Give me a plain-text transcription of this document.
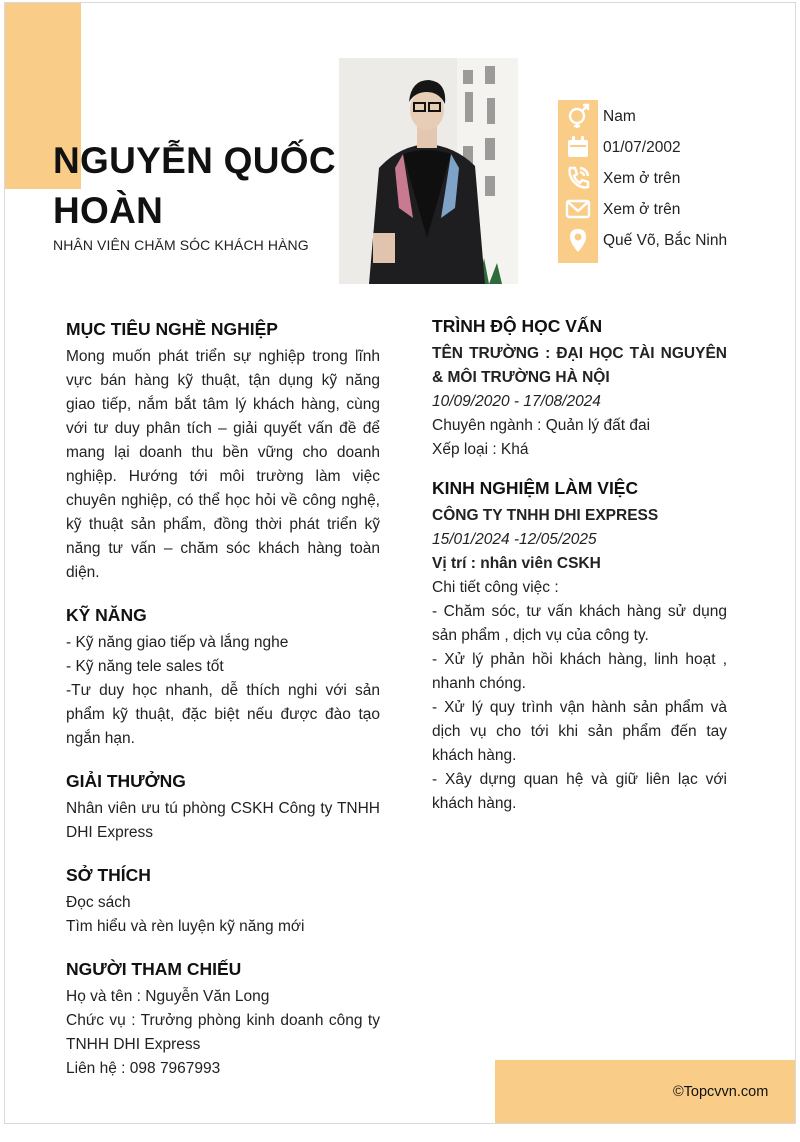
NGUYỄN QUỐC
HOÀN
NHÂN VIÊN CHĂM SÓC KHÁCH HÀNG
Nam
01/07/2002
Xem ở trên
Xem ở trên
Quế Võ, Bắc Ninh
MỤC TIÊU NGHỀ NGHIỆP
Mong muốn phát triển sự nghiệp trong lĩnh vực bán hàng kỹ thuật, tận dụng kỹ năng giao tiếp, nắm bắt tâm lý khách hàng, cùng với tư duy phân tích – giải quyết vấn đề để mang lại doanh thu bền vững cho doanh nghiệp. Hướng tới môi trường làm việc chuyên nghiệp, có thể học hỏi về công nghệ, kỹ thuật sản phẩm, đồng thời phát triển kỹ năng tư vấn – chăm sóc khách hàng toàn diện.
KỸ NĂNG
- Kỹ năng giao tiếp và lắng nghe
- Kỹ năng tele sales tốt
-Tư duy học nhanh, dễ thích nghi với sản phẩm kỹ thuật, đặc biệt nếu được đào tạo ngắn hạn.
GIẢI THƯỞNG
Nhân viên ưu tú phòng CSKH Công ty TNHH DHI Express
SỞ THÍCH
Đọc sách
Tìm hiểu và rèn luyện kỹ năng mới
NGƯỜI THAM CHIẾU
Họ và tên : Nguyễn Văn Long
Chức vụ : Trưởng phòng kinh doanh công ty TNHH DHI Express
Liên hệ : 098 7967993
TRÌNH ĐỘ HỌC VẤN
TÊN TRƯỜNG : ĐẠI HỌC TÀI NGUYÊN & MÔI TRƯỜNG HÀ NỘI
10/09/2020 - 17/08/2024
Chuyên ngành : Quản lý đất đai
Xếp loại : Khá
KINH NGHIỆM LÀM VIỆC
CÔNG TY TNHH DHI EXPRESS
15/01/2024 -12/05/2025
Vị trí : nhân viên CSKH
Chi tiết công việc :
- Chăm sóc, tư vấn khách hàng sử dụng sản phẩm , dịch vụ của công ty.
- Xử lý phản hồi khách hàng, linh hoạt , nhanh chóng.
- Xử lý quy trình vận hành sản phẩm và dịch vụ cho tới khi sản phẩm đến tay khách hàng.
- Xây dựng quan hệ và giữ liên lạc với khách hàng.
©Topcvvn.com
